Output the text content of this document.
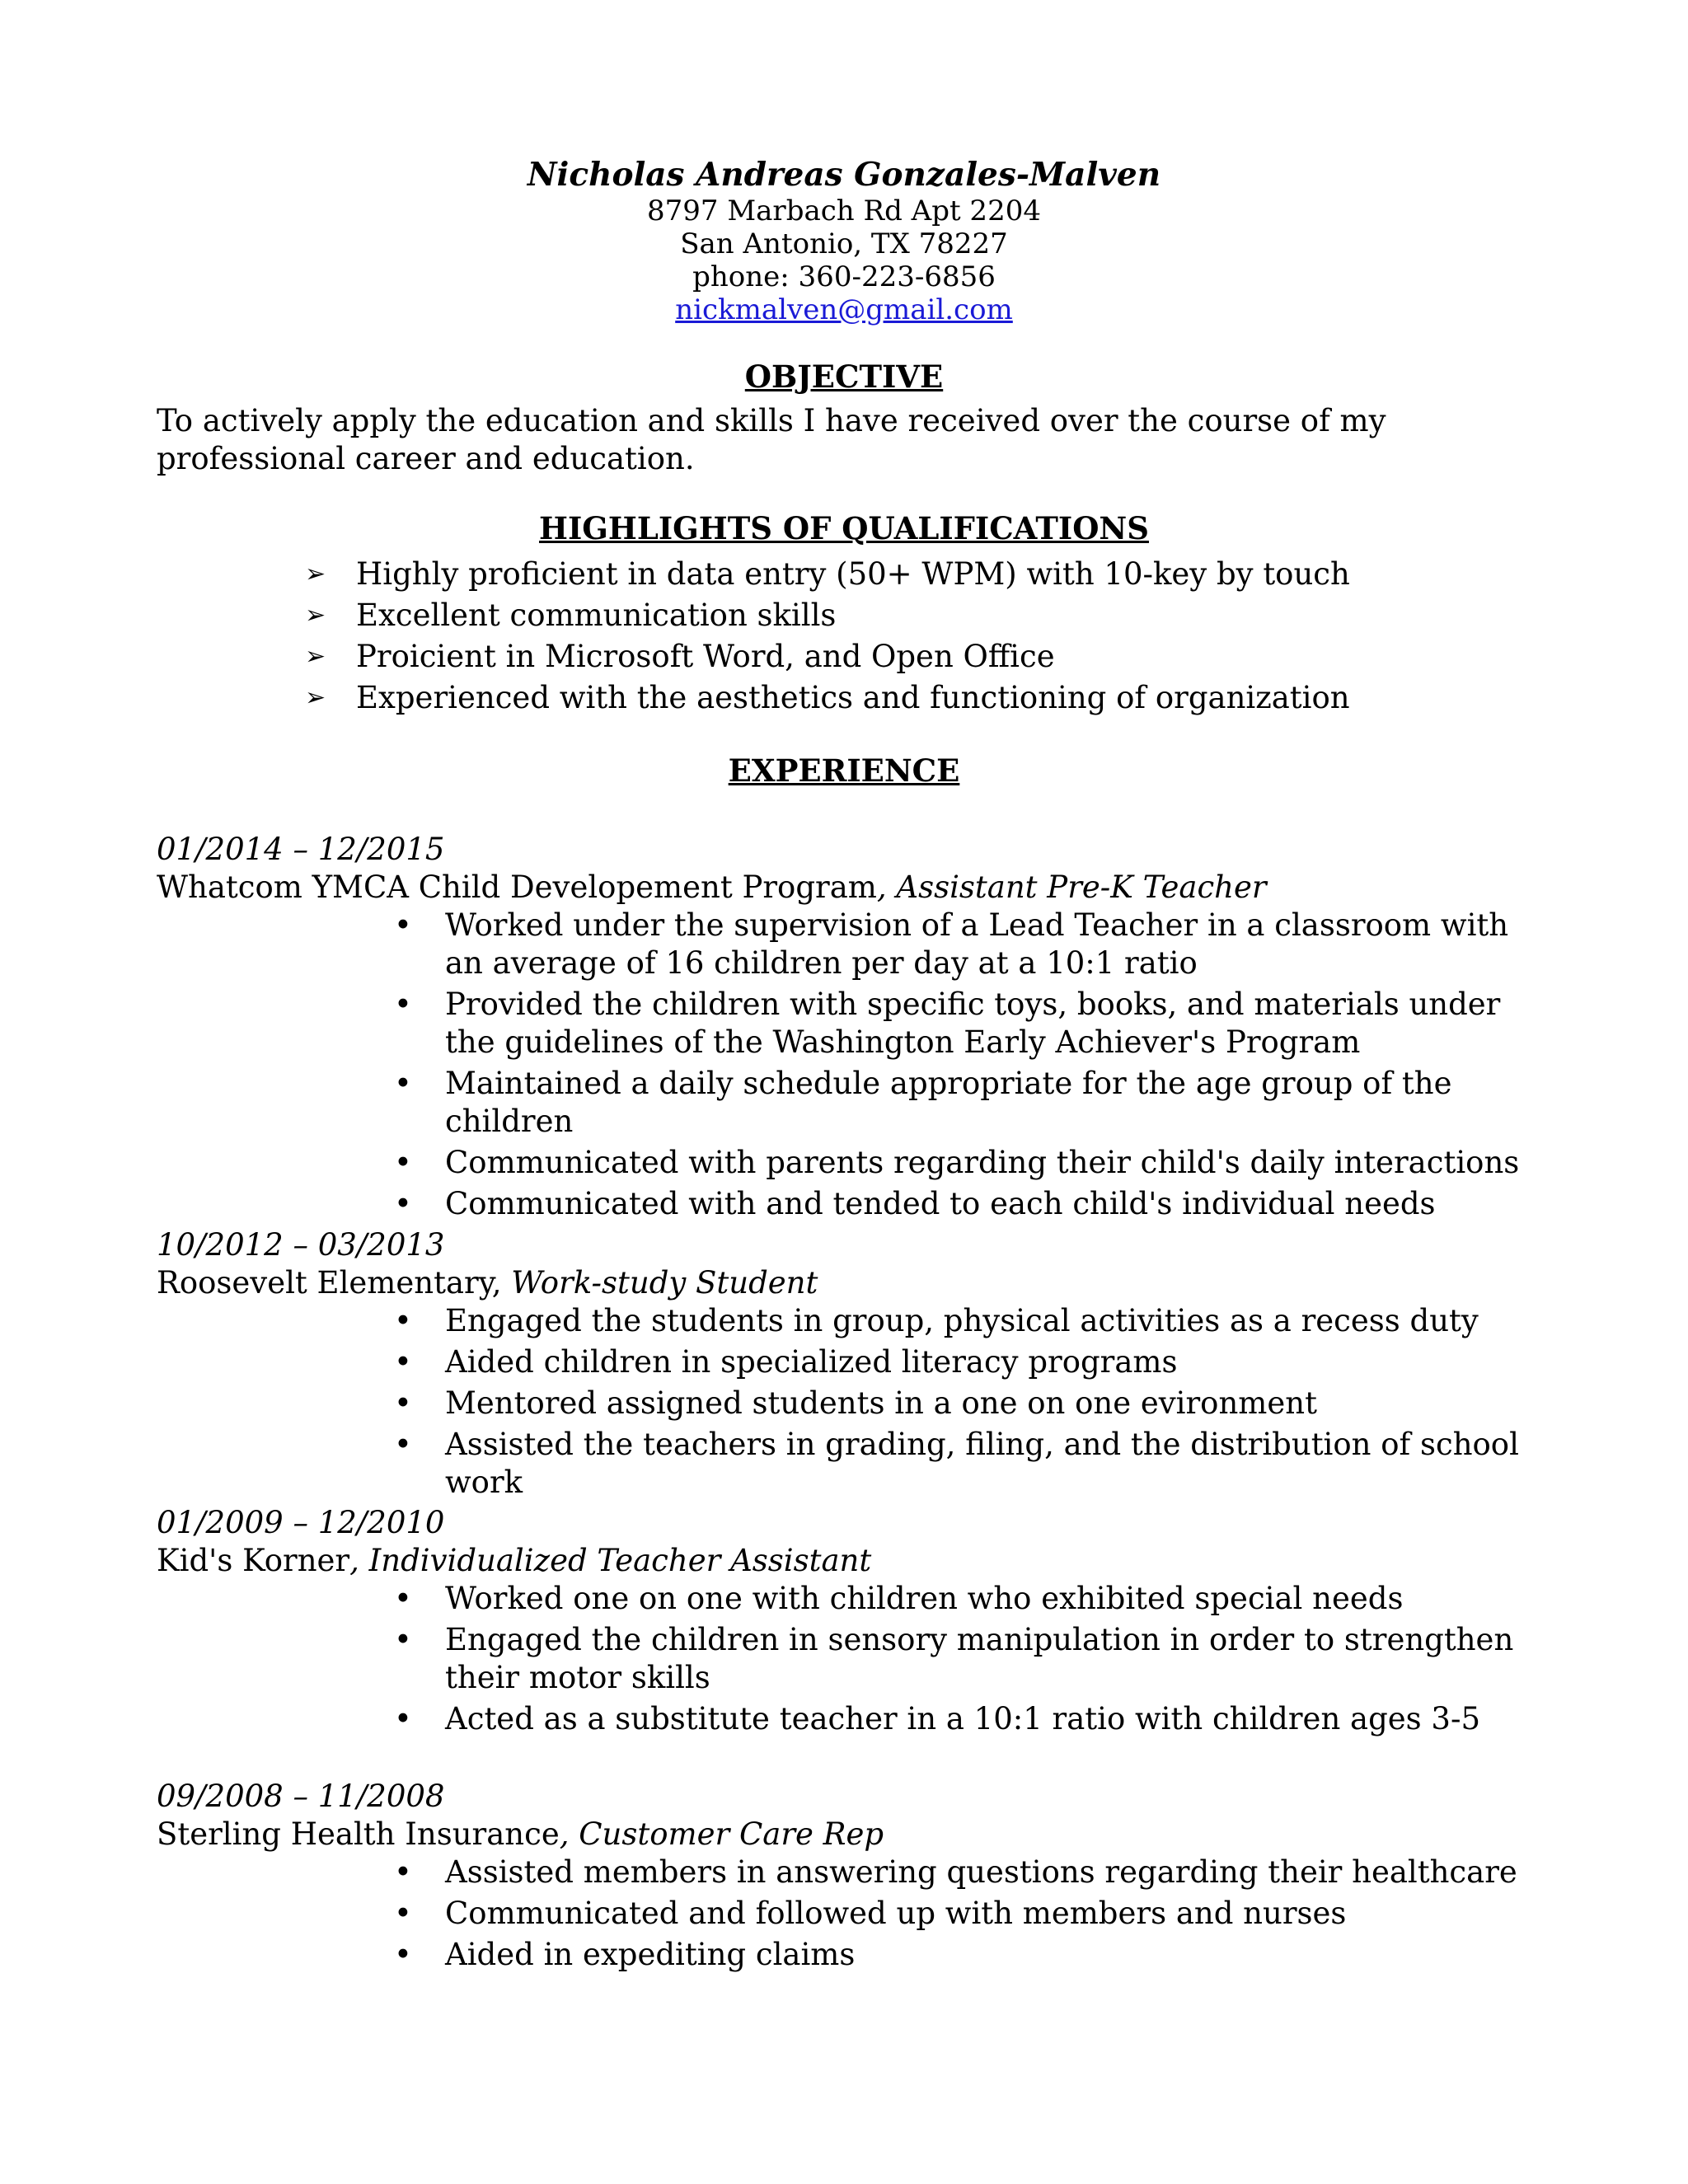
Nicholas Andreas Gonzales-Malven
8797 Marbach Rd Apt 2204
San Antonio, TX 78227
phone: 360-223-6856
nickmalven@gmail.com
OBJECTIVE
To actively apply the education and skills I have received over the course of my professional career and education.
HIGHLIGHTS OF QUALIFICATIONS
➢ Highly proficient in data entry (50+ WPM) with 10-key by touch
➢ Excellent communication skills
➢ Proicient in Microsoft Word, and Open Office
➢ Experienced with the aesthetics and functioning of organization
EXPERIENCE
01/2014 – 12/2015
Whatcom YMCA Child Developement Program, Assistant Pre-K Teacher
• Worked under the supervision of a Lead Teacher in a classroom with an average of 16 children per day at a 10:1 ratio
• Provided the children with specific toys, books, and materials under the guidelines of the Washington Early Achiever's Program
• Maintained a daily schedule appropriate for the age group of the children
• Communicated with parents regarding their child's daily interactions
• Communicated with and tended to each child's individual needs
10/2012 – 03/2013
Roosevelt Elementary, Work-study Student
• Engaged the students in group, physical activities as a recess duty
• Aided children in specialized literacy programs
• Mentored assigned students in a one on one evironment
• Assisted the teachers in grading, filing, and the distribution of school work
01/2009 – 12/2010
Kid's Korner, Individualized Teacher Assistant
• Worked one on one with children who exhibited special needs
• Engaged the children in sensory manipulation in order to strengthen their motor skills
• Acted as a substitute teacher in a 10:1 ratio with children ages 3-5
09/2008 – 11/2008
Sterling Health Insurance, Customer Care Rep
• Assisted members in answering questions regarding their healthcare
• Communicated and followed up with members and nurses
• Aided in expediting claims
